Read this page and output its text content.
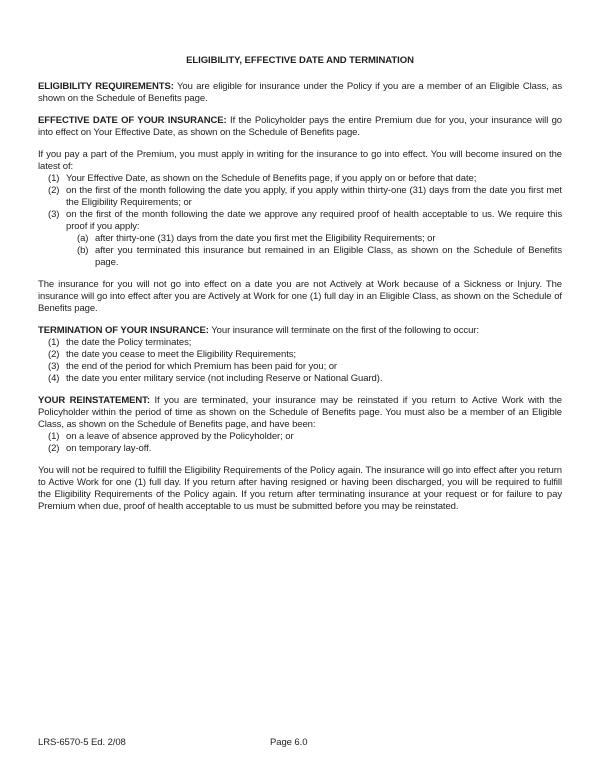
ELIGIBILITY, EFFECTIVE DATE AND TERMINATION

ELIGIBILITY REQUIREMENTS: You are eligible for insurance under the Policy if you are a member of an Eligible Class, as shown on the Schedule of Benefits page.

EFFECTIVE DATE OF YOUR INSURANCE: If the Policyholder pays the entire Premium due for you, your insurance will go into effect on Your Effective Date, as shown on the Schedule of Benefits page.

If you pay a part of the Premium, you must apply in writing for the insurance to go into effect. You will become insured on the latest of:

(1) Your Effective Date, as shown on the Schedule of Benefits page, if you apply on or before that date;
(2) on the first of the month following the date you apply, if you apply within thirty-one (31) days from the date you first met the Eligibility Requirements; or
(3) on the first of the month following the date we approve any required proof of health acceptable to us. We require this proof if you apply:
(a) after thirty-one (31) days from the date you first met the Eligibility Requirements; or
(b) after you terminated this insurance but remained in an Eligible Class, as shown on the Schedule of Benefits page.

The insurance for you will not go into effect on a date you are not Actively at Work because of a Sickness or Injury. The insurance will go into effect after you are Actively at Work for one (1) full day in an Eligible Class, as shown on the Schedule of Benefits page.

TERMINATION OF YOUR INSURANCE: Your insurance will terminate on the first of the following to occur:

(1) the date the Policy terminates;
(2) the date you cease to meet the Eligibility Requirements;
(3) the end of the period for which Premium has been paid for you; or
(4) the date you enter military service (not including Reserve or National Guard).

YOUR REINSTATEMENT: If you are terminated, your insurance may be reinstated if you return to Active Work with the Policyholder within the period of time as shown on the Schedule of Benefits page. You must also be a member of an Eligible Class, as shown on the Schedule of Benefits page, and have been:

(1) on a leave of absence approved by the Policyholder; or
(2) on temporary lay-off.

You will not be required to fulfill the Eligibility Requirements of the Policy again. The insurance will go into effect after you return to Active Work for one (1) full day. If you return after having resigned or having been discharged, you will be required to fulfill the Eligibility Requirements of the Policy again. If you return after terminating insurance at your request or for failure to pay Premium when due, proof of health acceptable to us must be submitted before you may be reinstated.

LRS-6570-5 Ed. 2/08	Page 6.0
